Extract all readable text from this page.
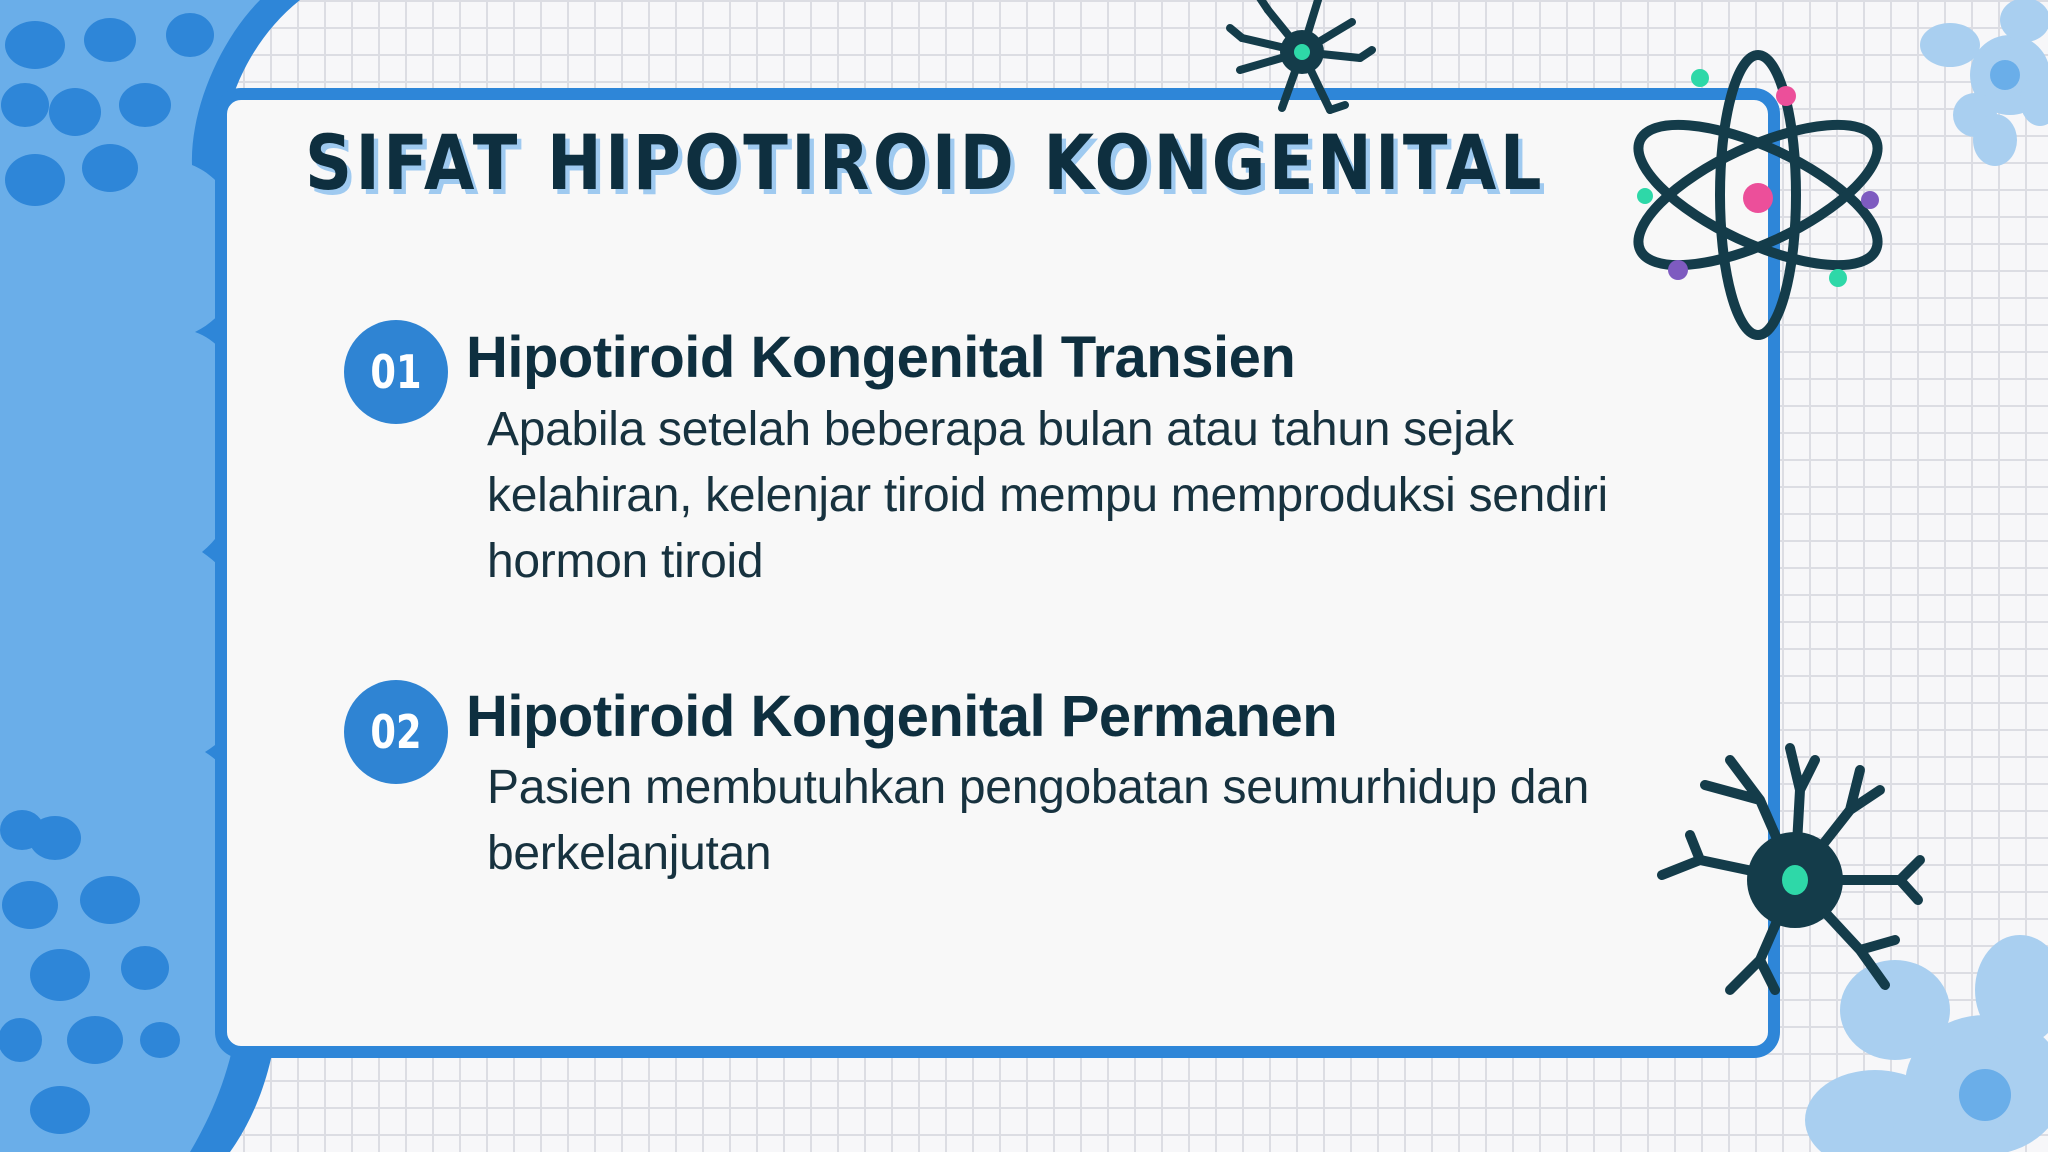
SIFAT HIPOTIROID KONGENITAL
01 Hipotiroid Kongenital Transien

Apabila setelah beberapa bulan atau tahun sejak
kelahiran, kelenjar tiroid mempu memproduksi sendiri
hormon tiroid

02 Hipotiroid Kongenital Permanen

Pasien membutuhkan pengobatan seumurhidup dan
berkelanjutan
